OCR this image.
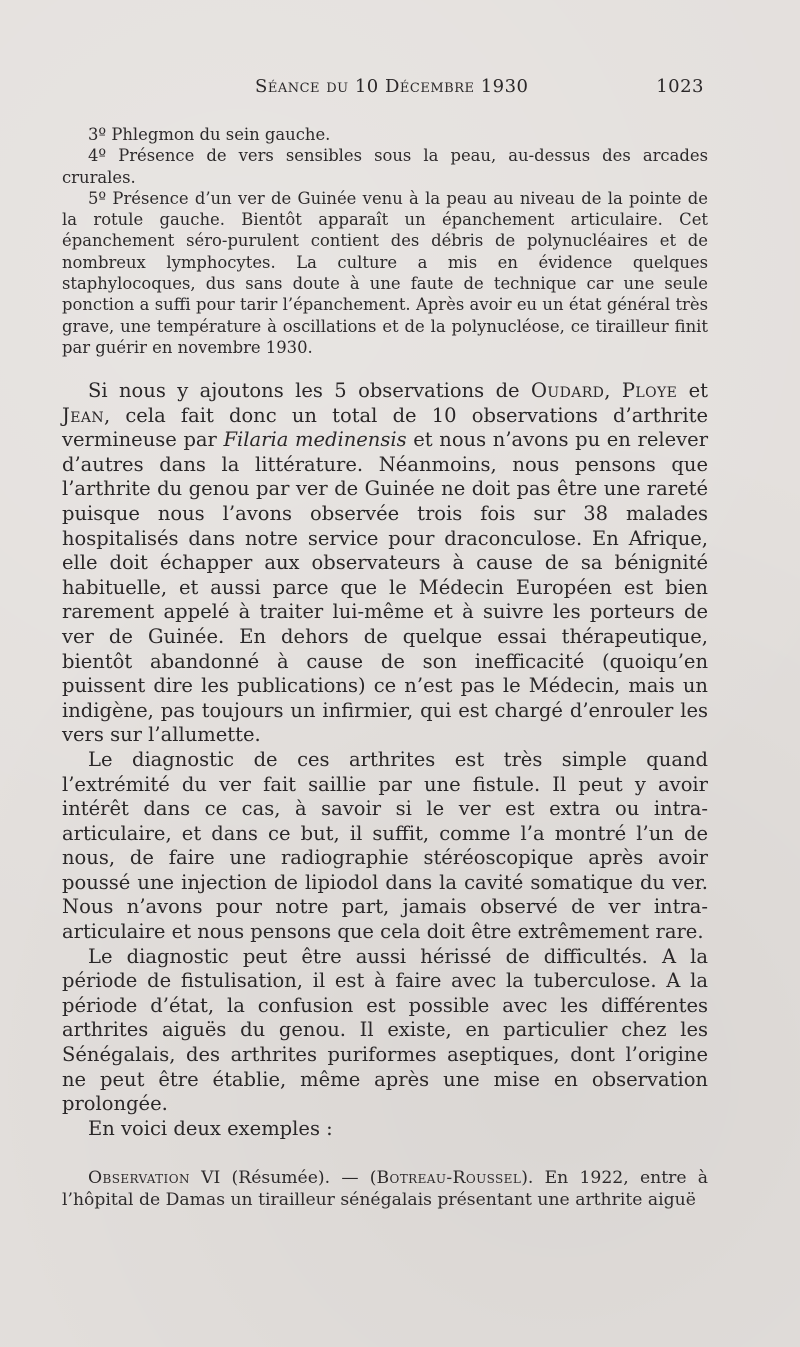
Séance du 10 Décembre 1930	1023

3º Phlegmon du sein gauche.

4º Présence de vers sensibles sous la peau, au-dessus des arcades crurales.

5º Présence d’un ver de Guinée venu à la peau au niveau de la pointe de la rotule gauche. Bientôt apparaît un épanchement articulaire. Cet épanchement séro-purulent contient des débris de polynucléaires et de nombreux lymphocytes. La culture a mis en évidence quelques staphylocoques, dus sans doute à une faute de technique car une seule ponction a suffi pour tarir l’épanchement. Après avoir eu un état général très grave, une température à oscillations et de la polynucléose, ce tirailleur finit par guérir en novembre 1930.

Si nous y ajoutons les 5 observations de Oudard, Ploye et Jean, cela fait donc un total de 10 observations d’arthrite vermineuse par Filaria medinensis et nous n’avons pu en relever d’autres dans la littérature. Néanmoins, nous pensons que l’arthrite du genou par ver de Guinée ne doit pas être une rareté puisque nous l’avons observée trois fois sur 38 malades hospitalisés dans notre service pour draconculose. En Afrique, elle doit échapper aux observateurs à cause de sa bénignité habituelle, et aussi parce que le Médecin Européen est bien rarement appelé à traiter lui-même et à suivre les porteurs de ver de Guinée. En dehors de quelque essai thérapeutique, bientôt abandonné à cause de son inefficacité (quoiqu’en puissent dire les publications) ce n’est pas le Médecin, mais un indigène, pas toujours un infirmier, qui est chargé d’enrouler les vers sur l’allumette.

Le diagnostic de ces arthrites est très simple quand l’extrémité du ver fait saillie par une fistule. Il peut y avoir intérêt dans ce cas, à savoir si le ver est extra ou intra-articulaire, et dans ce but, il suffit, comme l’a montré l’un de nous, de faire une radiographie stéréoscopique après avoir poussé une injection de lipiodol dans la cavité somatique du ver. Nous n’avons pour notre part, jamais observé de ver intra-articulaire et nous pensons que cela doit être extrêmement rare.

Le diagnostic peut être aussi hérissé de difficultés. A la période de fistulisation, il est à faire avec la tuberculose. A la période d’état, la confusion est possible avec les différentes arthrites aiguës du genou. Il existe, en particulier chez les Sénégalais, des arthrites puriformes aseptiques, dont l’origine ne peut être établie, même après une mise en observation prolongée.

En voici deux exemples :

Observation VI (Résumée). — (Botreau-Roussel). En 1922, entre à l’hôpital de Damas un tirailleur sénégalais présentant une arthrite aiguë
